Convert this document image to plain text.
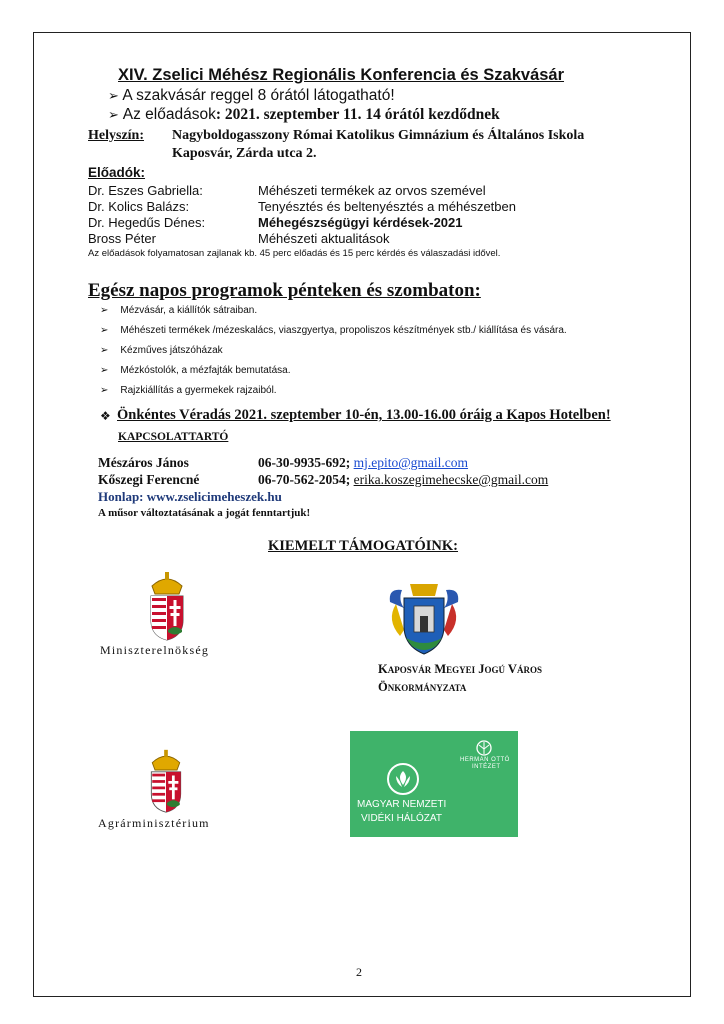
XIV. Zselici Méhész Regionális Konferencia és Szakvásár
➢ A szakvásár reggel 8 órától látogatható!
➢ Az előadások: 2021. szeptember 11. 14 órától kezdődnek
Helyszín: Nagyboldogasszony Római Katolikus Gimnázium és Általános Iskola
Kaposvár, Zárda utca 2.
Előadók:
Dr. Eszes Gabriella:	Méhészeti termékek az orvos szemével
Dr. Kolics Balázs:	Tenyésztés és beltenyésztés a méhészetben
Dr. Hegedűs Dénes:	Méhegészségügyi kérdések-2021
Bross Péter	Méhészeti aktualitások
Az előadások folyamatosan zajlanak kb. 45 perc előadás és 15 perc kérdés és válaszadási idővel.
Egész napos programok pénteken és szombaton:
➢ Mézvásár, a kiállítók sátraiban.
➢ Méhészeti termékek /mézeskalács, viaszgyertya, propoliszos készítmények stb./ kiállítása és vására.
➢ Kézműves játszóházak
➢ Mézkóstolók, a mézfajták bemutatása.
➢ Rajzkiállítás a gyermekek rajzaiból.
❖ Önkéntes Véradás 2021. szeptember 10-én, 13.00-16.00 óráig a Kapos Hotelben!
KAPCSOLATTARTÓ
Mészáros János	06-30-9935-692; mj.epito@gmail.com
Kőszegi Ferencné	06-70-562-2054; erika.koszegimehecske@gmail.com
Honlap: www.zselicimeheszek.hu
A műsor változtatásának a jogát fenntartjuk!
KIEMELT TÁMOGATÓINK:
Miniszterelnökség
Kaposvár Megyei Jogú Város
Önkormányzata
Agrárminisztérium
HERMAN OTTÓ
INTÉZET
MAGYAR NEMZETI
VIDÉKI HÁLÓZAT
2
